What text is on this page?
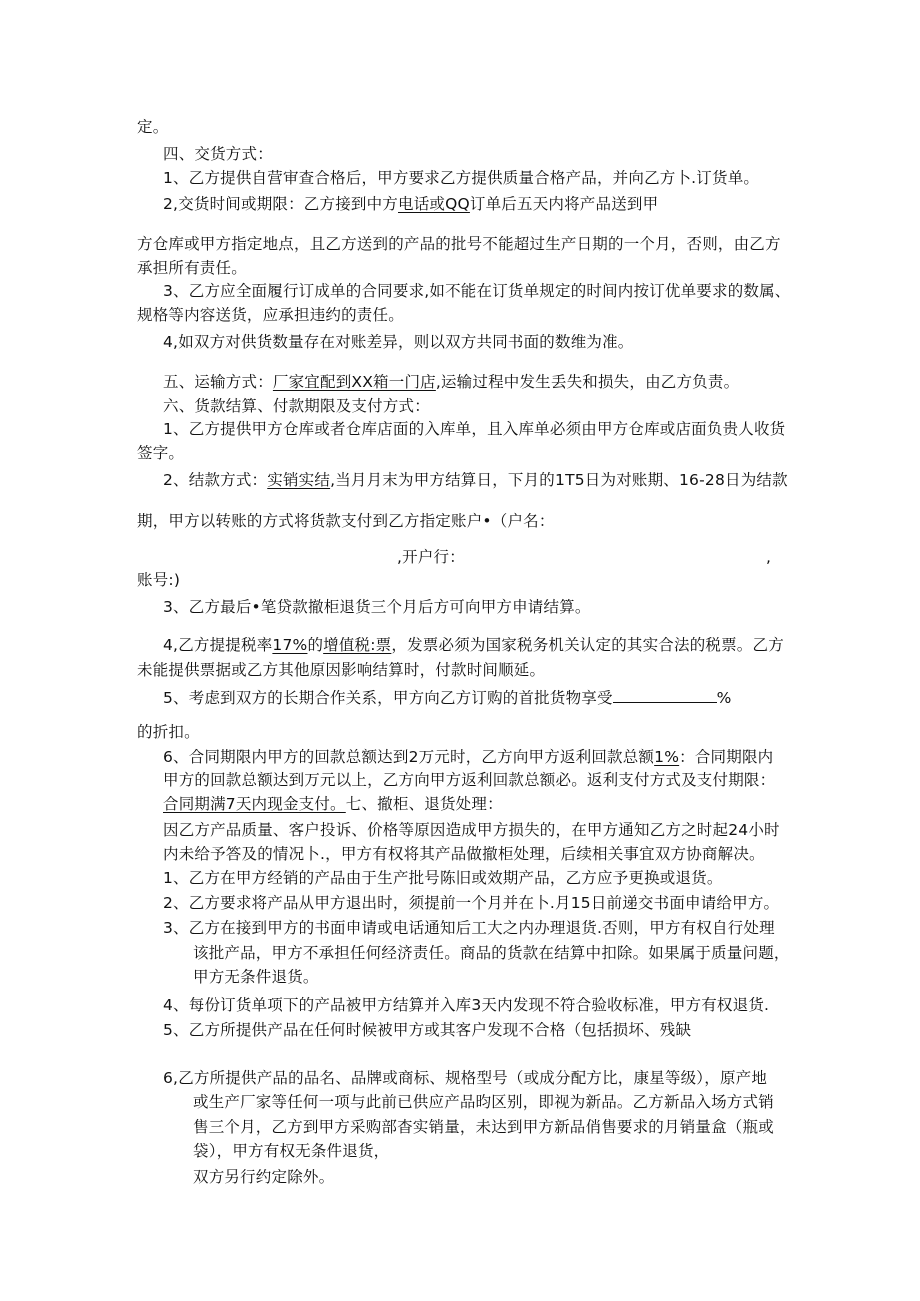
定。
四、交货方式：
1、乙方提供自营审查合格后，甲方要求乙方提供质量合格产品，并向乙方卜.订货单。
2,交货时间或期限：乙方接到中方电话或QQ订单后五天内将产品送到甲
方仓库或甲方指定地点，且乙方送到的产品的批号不能超过生产日期的一个月，否则，由乙方
承担所有责任。
3、乙方应全面履行订成单的合同要求,如不能在订货单规定的时间内按订优单要求的数属、
规格等内容送货，应承担违约的责任。
4,如双方对供货数量存在对账差异，则以双方共同书面的数维为准。
五、运输方式：厂家宜配到XX箱一门店,运输过程中发生丢失和损失，由乙方负责。
六、货款结算、付款期限及支付方式：
1、乙方提供甲方仓库或者仓库店面的入库单，且入库单必须由甲方仓库或店面负贵人收货
签字。
2、结款方式：实销实结,当月月末为甲方结算日，下月的1T5日为对账期、16-28日为结款
期，甲方以转账的方式将货款支付到乙方指定账户•（户名：
,开户行：	,
账号:)
3、乙方最后•笔贷款撤柜退货三个月后方可向甲方申请结算。
4,乙方提提税率17%的增值税:票，发票必须为国家税务机关认定的其实合法的税票。乙方
未能提供票据或乙方其他原因影响结算时，付款时间顺延。
5、考虑到双方的长期合作关系，甲方向乙方订购的首批货物享受	%
的折扣。
6、合同期限内甲方的回款总额达到2万元时，乙方向甲方返利回款总额1%：合同期限内
甲方的回款总额达到万元以上，乙方向甲方返利回款总额必。返利支付方式及支付期限：
合同期满7天内现金支付。七、撤柜、退货处理：
因乙方产品质量、客户投诉、价格等原因造成甲方损失的，在甲方通知乙方之时起24小时
内未给予答及的情况卜.，甲方有权将其产品做撤柜处理，后续相关事宜双方协商解决。
1、乙方在甲方经销的产品由于生产批号陈旧或效期产品，乙方应予更换或退货。
2、乙方要求将产品从甲方退出时，须提前一个月并在卜.月15日前递交书面申请给甲方。
3、乙方在接到甲方的书面申请或电话通知后工大之内办理退货.否则，甲方有权自行处理
该批产品，甲方不承担任何经济责任。商品的货款在结算中扣除。如果属于质量问题，
甲方无条件退货。
4、每份订货单项下的产品被甲方结算并入库3天内发现不符合验收标准，甲方有权退货.
5、乙方所提供产品在任何时候被甲方或其客户发现不合格（包括损坏、残缺
6,乙方所提供产品的品名、品牌或商标、规格型号（或成分配方比，康星等级），原产地
或生产厂家等任何一项与此前已供应产品昀区别，即视为新品。乙方新品入场方式销
售三个月，乙方到甲方采购部杳实销量，未达到甲方新品俏售要求的月销量盒（瓶或
袋），甲方有权无条件退货，
双方另行约定除外。
